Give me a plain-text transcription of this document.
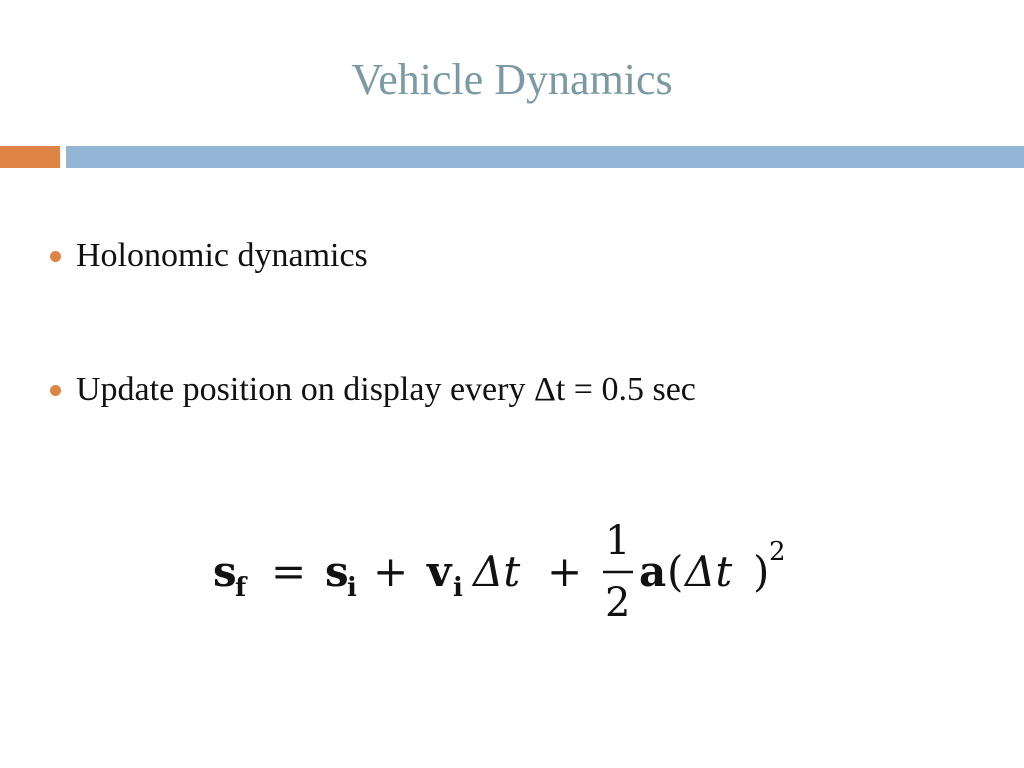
Vehicle Dynamics
Holonomic dynamics
Update position on display every Δt = 0.5 sec
s
f = s
i + v i Δt +
1
2
a ( Δt ) 2
